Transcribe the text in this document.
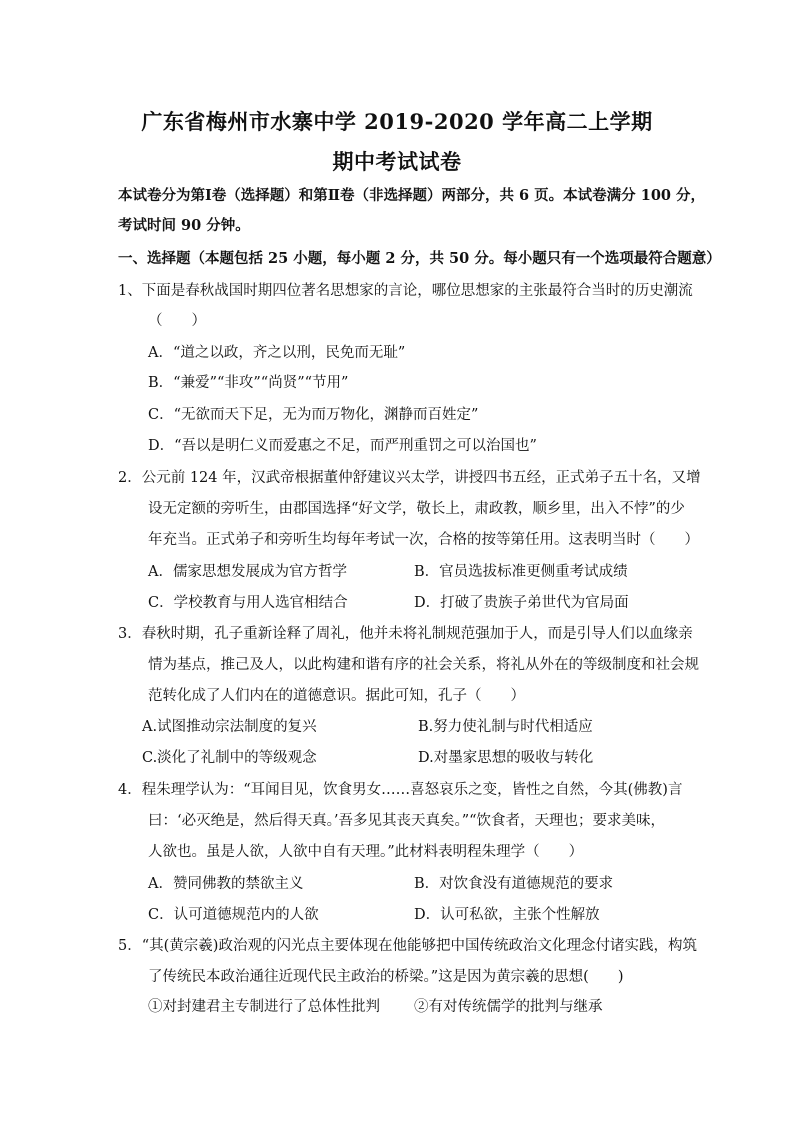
广东省梅州市水寨中学 2019-2020 学年高二上学期
期中考试试卷
本试卷分为第Ⅰ卷（选择题）和第Ⅱ卷（非选择题）两部分，共 6 页。本试卷满分 100 分，
考试时间 90 分钟。
一、选择题（本题包括 25 小题，每小题 2 分，共 50 分。每小题只有一个选项最符合题意）
1、下面是春秋战国时期四位著名思想家的言论，哪位思想家的主张最符合当时的历史潮流
（　　）
A．“道之以政，齐之以刑，民免而无耻”
B．“兼爱”“非攻”“尚贤”“节用”
C．“无欲而天下足，无为而万物化，渊静而百姓定”
D．“吾以是明仁义而爱惠之不足，而严刑重罚之可以治国也”
2．公元前 124 年，汉武帝根据董仲舒建议兴太学，讲授四书五经，正式弟子五十名，又增
设无定额的旁听生，由郡国选择“好文学，敬长上，肃政教，顺乡里，出入不悖”的少
年充当。正式弟子和旁听生均每年考试一次，合格的按等第任用。这表明当时（　　）
A．儒家思想发展成为官方哲学	B．官员选拔标准更侧重考试成绩
C．学校教育与用人选官相结合	D．打破了贵族子弟世代为官局面
3．春秋时期，孔子重新诠释了周礼，他并未将礼制规范强加于人，而是引导人们以血缘亲
情为基点，推己及人，以此构建和谐有序的社会关系，将礼从外在的等级制度和社会规
范转化成了人们内在的道德意识。据此可知，孔子（　　）
A.试图推动宗法制度的复兴	B.努力使礼制与时代相适应
C.淡化了礼制中的等级观念	D.对墨家思想的吸收与转化
4．程朱理学认为：“耳闻目见，饮食男女……喜怒哀乐之变，皆性之自然，今其(佛教)言
曰：‘必灭绝是，然后得天真。’吾多见其丧天真矣。”“饮食者，天理也；要求美味，
人欲也。虽是人欲，人欲中自有天理。”此材料表明程朱理学（　　）
A．赞同佛教的禁欲主义	B．对饮食没有道德规范的要求
C．认可道德规范内的人欲	D．认可私欲，主张个性解放
5．“其(黄宗羲)政治观的闪光点主要体现在他能够把中国传统政治文化理念付诸实践，构筑
了传统民本政治通往近现代民主政治的桥梁。”这是因为黄宗羲的思想(　　)
①对封建君主专制进行了总体性批判 ②有对传统儒学的批判与继承
